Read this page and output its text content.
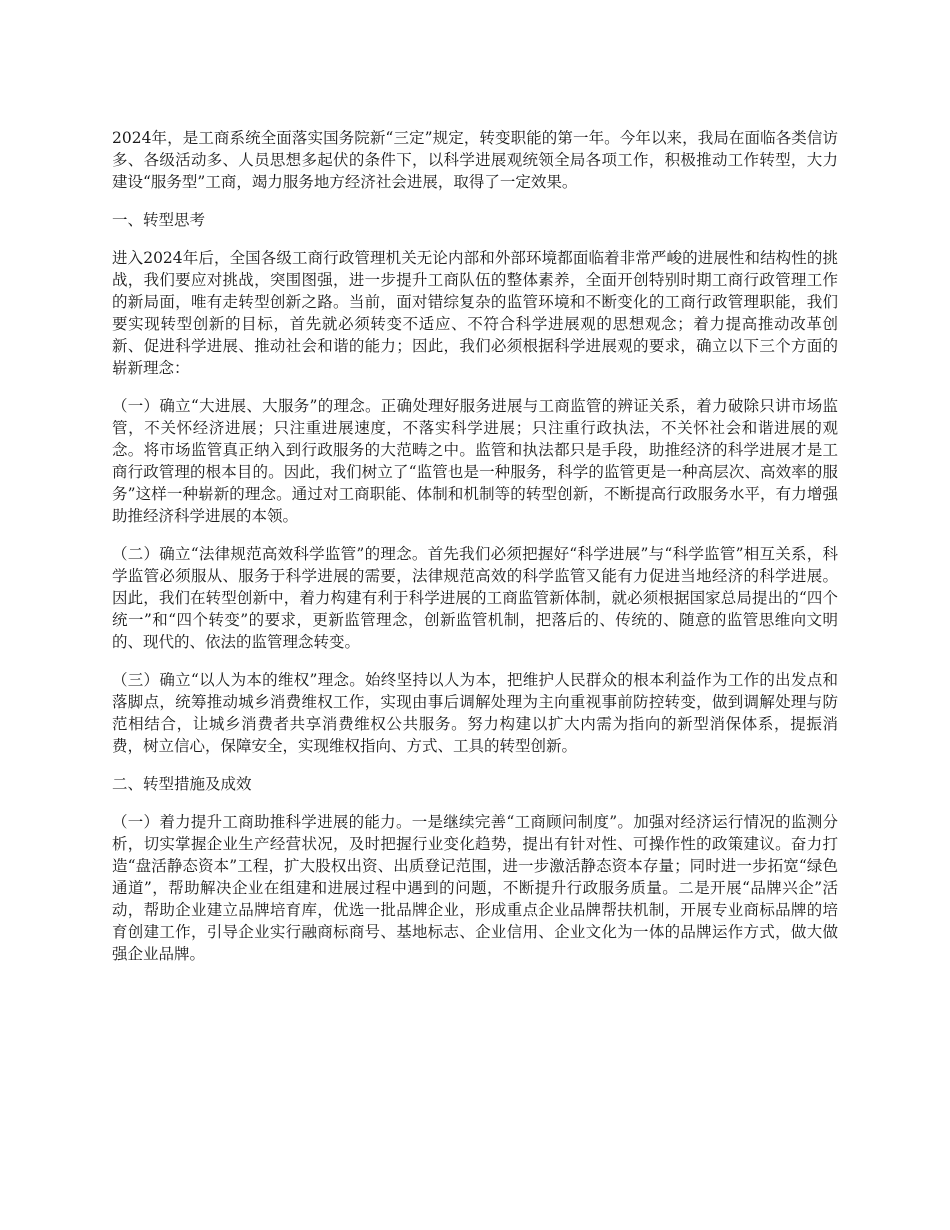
2024年，是工商系统全面落实国务院新“三定”规定，转变职能的第一年。今年以来，我局在面临各类信访多、各级活动多、人员思想多起伏的条件下，以科学进展观统领全局各项工作，积极推动工作转型，大力建设“服务型”工商，竭力服务地方经济社会进展，取得了一定效果。

一、转型思考

进入2024年后，全国各级工商行政管理机关无论内部和外部环境都面临着非常严峻的进展性和结构性的挑战，我们要应对挑战，突围图强，进一步提升工商队伍的整体素养，全面开创特别时期工商行政管理工作的新局面，唯有走转型创新之路。当前，面对错综复杂的监管环境和不断变化的工商行政管理职能，我们要实现转型创新的目标，首先就必须转变不适应、不符合科学进展观的思想观念；着力提高推动改革创新、促进科学进展、推动社会和谐的能力；因此，我们必须根据科学进展观的要求，确立以下三个方面的崭新理念：

（一）确立“大进展、大服务”的理念。正确处理好服务进展与工商监管的辨证关系，着力破除只讲市场监管，不关怀经济进展；只注重进展速度，不落实科学进展；只注重行政执法，不关怀社会和谐进展的观念。将市场监管真正纳入到行政服务的大范畴之中。监管和执法都只是手段，助推经济的科学进展才是工商行政管理的根本目的。因此，我们树立了“监管也是一种服务，科学的监管更是一种高层次、高效率的服务”这样一种崭新的理念。通过对工商职能、体制和机制等的转型创新，不断提高行政服务水平，有力增强助推经济科学进展的本领。

（二）确立“法律规范高效科学监管”的理念。首先我们必须把握好“科学进展”与“科学监管”相互关系，科学监管必须服从、服务于科学进展的需要，法律规范高效的科学监管又能有力促进当地经济的科学进展。因此，我们在转型创新中，着力构建有利于科学进展的工商监管新体制，就必须根据国家总局提出的“四个统一”和“四个转变”的要求，更新监管理念，创新监管机制，把落后的、传统的、随意的监管思维向文明的、现代的、依法的监管理念转变。

（三）确立“以人为本的维权”理念。始终坚持以人为本，把维护人民群众的根本利益作为工作的出发点和落脚点，统筹推动城乡消费维权工作，实现由事后调解处理为主向重视事前防控转变，做到调解处理与防范相结合，让城乡消费者共享消费维权公共服务。努力构建以扩大内需为指向的新型消保体系，提振消费，树立信心，保障安全，实现维权指向、方式、工具的转型创新。

二、转型措施及成效

（一）着力提升工商助推科学进展的能力。一是继续完善“工商顾问制度”。加强对经济运行情况的监测分析，切实掌握企业生产经营状况，及时把握行业变化趋势，提出有针对性、可操作性的政策建议。奋力打造“盘活静态资本”工程，扩大股权出资、出质登记范围，进一步激活静态资本存量；同时进一步拓宽“绿色通道”，帮助解决企业在组建和进展过程中遇到的问题，不断提升行政服务质量。二是开展“品牌兴企”活动，帮助企业建立品牌培育库，优选一批品牌企业，形成重点企业品牌帮扶机制，开展专业商标品牌的培育创建工作，引导企业实行融商标商号、基地标志、企业信用、企业文化为一体的品牌运作方式，做大做强企业品牌。
